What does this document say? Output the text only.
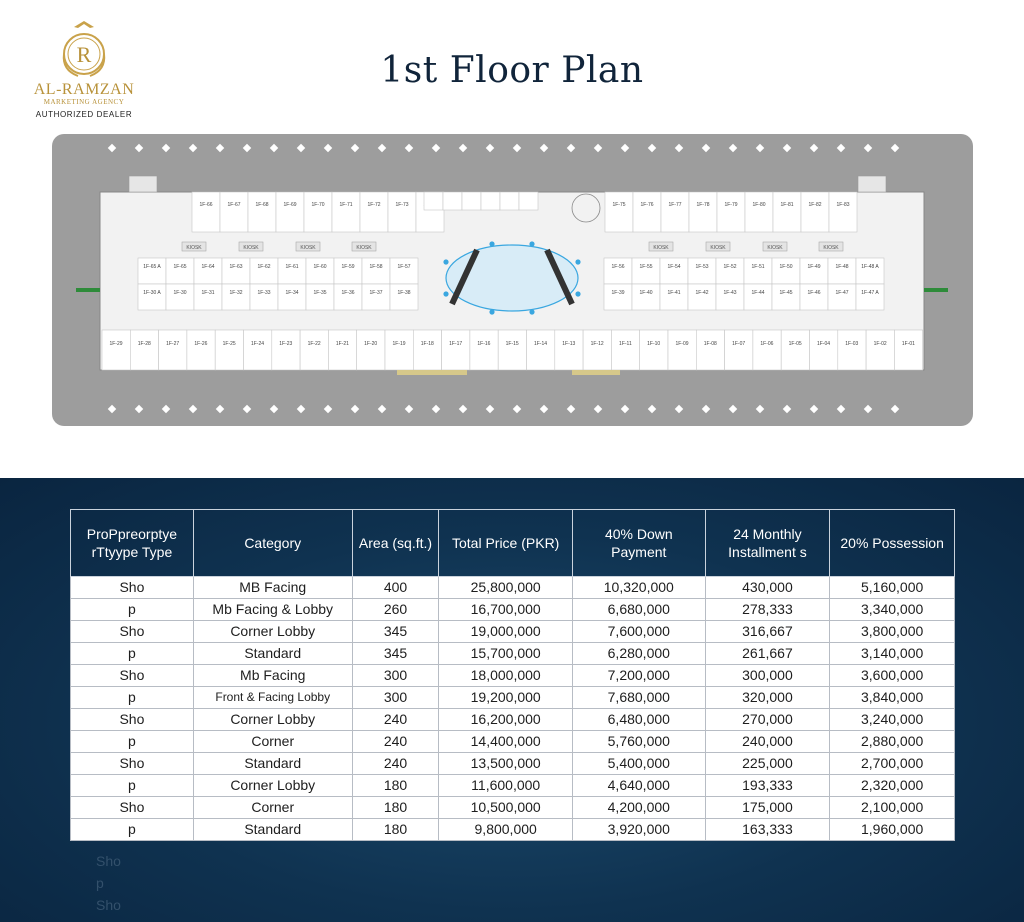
R
AL-RAMZAN
MARKETING AGENCY
AUTHORIZED DEALER
1st Floor Plan
1F-66	1F-67	1F-68	1F-69	1F-70	1F-71	1F-72	1F-73	1F-75	1F-76	1F-77	1F-78	1F-79	1F-80	1F-81	1F-82	1F-83
KIOSK	KIOSK	KIOSK	KIOSK	KIOSK	KIOSK	KIOSK	KIOSK
1F-65 A	1F-65	1F-64	1F-63	1F-62	1F-61	1F-60	1F-59	1F-58	1F-57	1F-56	1F-55	1F-54	1F-53	1F-52	1F-51	1F-50	1F-49	1F-48	1F-48 A
1F-30 A	1F-30	1F-31	1F-32	1F-33	1F-34	1F-35	1F-36	1F-37	1F-38	1F-39	1F-40	1F-41	1F-42	1F-43	1F-44	1F-45	1F-46	1F-47	1F-47 A
1F-29	1F-28	1F-27	1F-26	1F-25	1F-24	1F-23	1F-22	1F-21	1F-20	1F-19	1F-18	1F-17	1F-16	1F-15	1F-14	1F-13	1F-12	1F-11	1F-10	1F-09	1F-08	1F-07	1F-06	1F-05	1F-04	1F-03	1F-02	1F-01
ProPpreorptye rTtyype Type	Category	Area (sq.ft.)	Total Price (PKR)	40% Down Payment	24 Monthly Installment s	20% Possession
Sho	MB Facing	400	25,800,000	10,320,000	430,000	5,160,000
p	Mb Facing & Lobby	260	16,700,000	6,680,000	278,333	3,340,000
Sho	Corner Lobby	345	19,000,000	7,600,000	316,667	3,800,000
p	Standard	345	15,700,000	6,280,000	261,667	3,140,000
Sho	Mb Facing	300	18,000,000	7,200,000	300,000	3,600,000
p	Front & Facing Lobby	300	19,200,000	7,680,000	320,000	3,840,000
Sho	Corner Lobby	240	16,200,000	6,480,000	270,000	3,240,000
p	Corner	240	14,400,000	5,760,000	240,000	2,880,000
Sho	Standard	240	13,500,000	5,400,000	225,000	2,700,000
p	Corner Lobby	180	11,600,000	4,640,000	193,333	2,320,000
Sho	Corner	180	10,500,000	4,200,000	175,000	2,100,000
p	Standard	180	9,800,000	3,920,000	163,333	1,960,000
Sho
p
Sho
